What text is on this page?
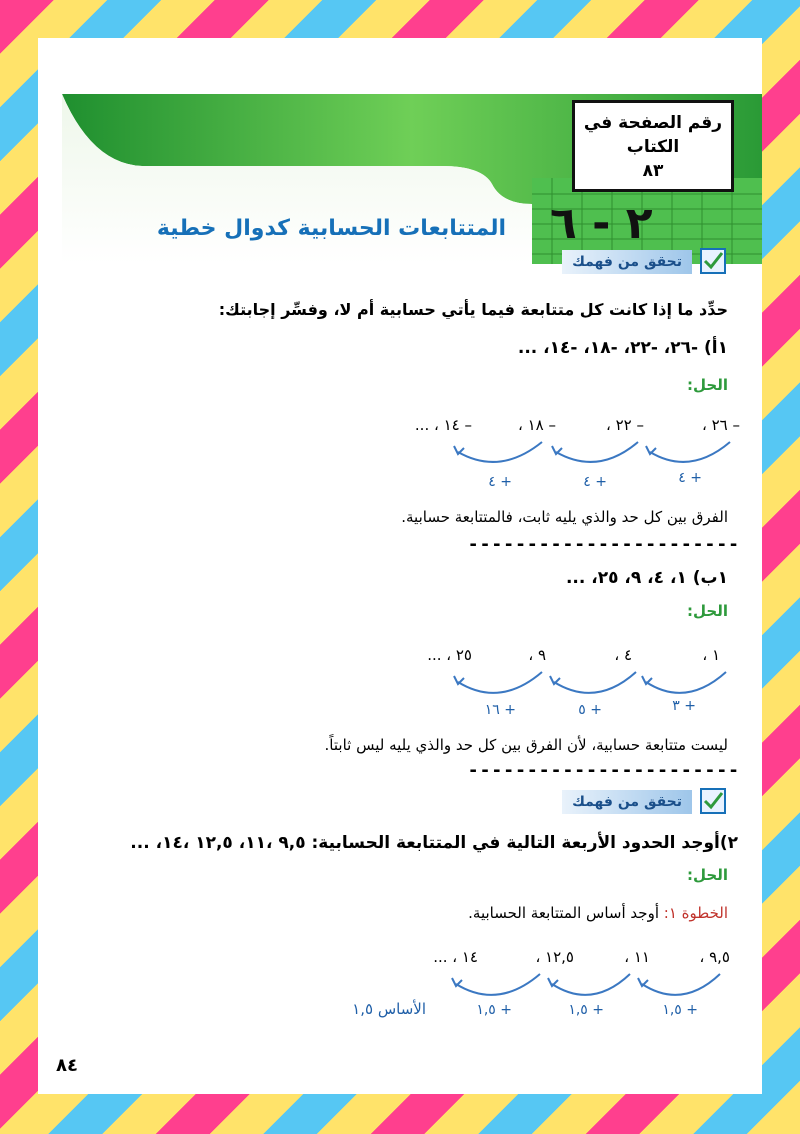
رقم الصفحة في الكتاب
٨٣
٢ - ٦
المتتابعات الحسابية كدوال خطية
تحقق من فهمك
حدِّد ما إذا كانت كل متتابعة فيما يأتي حسابية أم لا، وفسِّر إجابتك:
١أ) -٢٦، -٢٢، -١٨، -١٤، ...
الحل:
– ٢٦ ،
– ٢٢ ،
– ١٨ ،
– ١٤ ، ...
+ ٤
+ ٤
+ ٤
الفرق بين كل حد والذي يليه ثابت، فالمتتابعة حسابية.
-----------------------
١ب) ١، ٤، ٩، ٢٥، ...
الحل:
١ ،
٤ ،
٩ ،
٢٥ ، ...
+ ٣
+ ٥
+ ١٦
ليست متتابعة حسابية، لأن الفرق بين كل حد والذي يليه ليس ثابتاً.
-----------------------
تحقق من فهمك
٢)أوجد الحدود الأربعة التالية في المتتابعة الحسابية: ٩,٥ ،١١، ١٢,٥ ،١٤، ...
الحل:
الخطوة ١: أوجد أساس المتتابعة الحسابية.
٩,٥ ،
١١ ،
١٢,٥ ،
١٤ ، ...
+ ١,٥
+ ١,٥
+ ١,٥
الأساس ١,٥
٨٤
